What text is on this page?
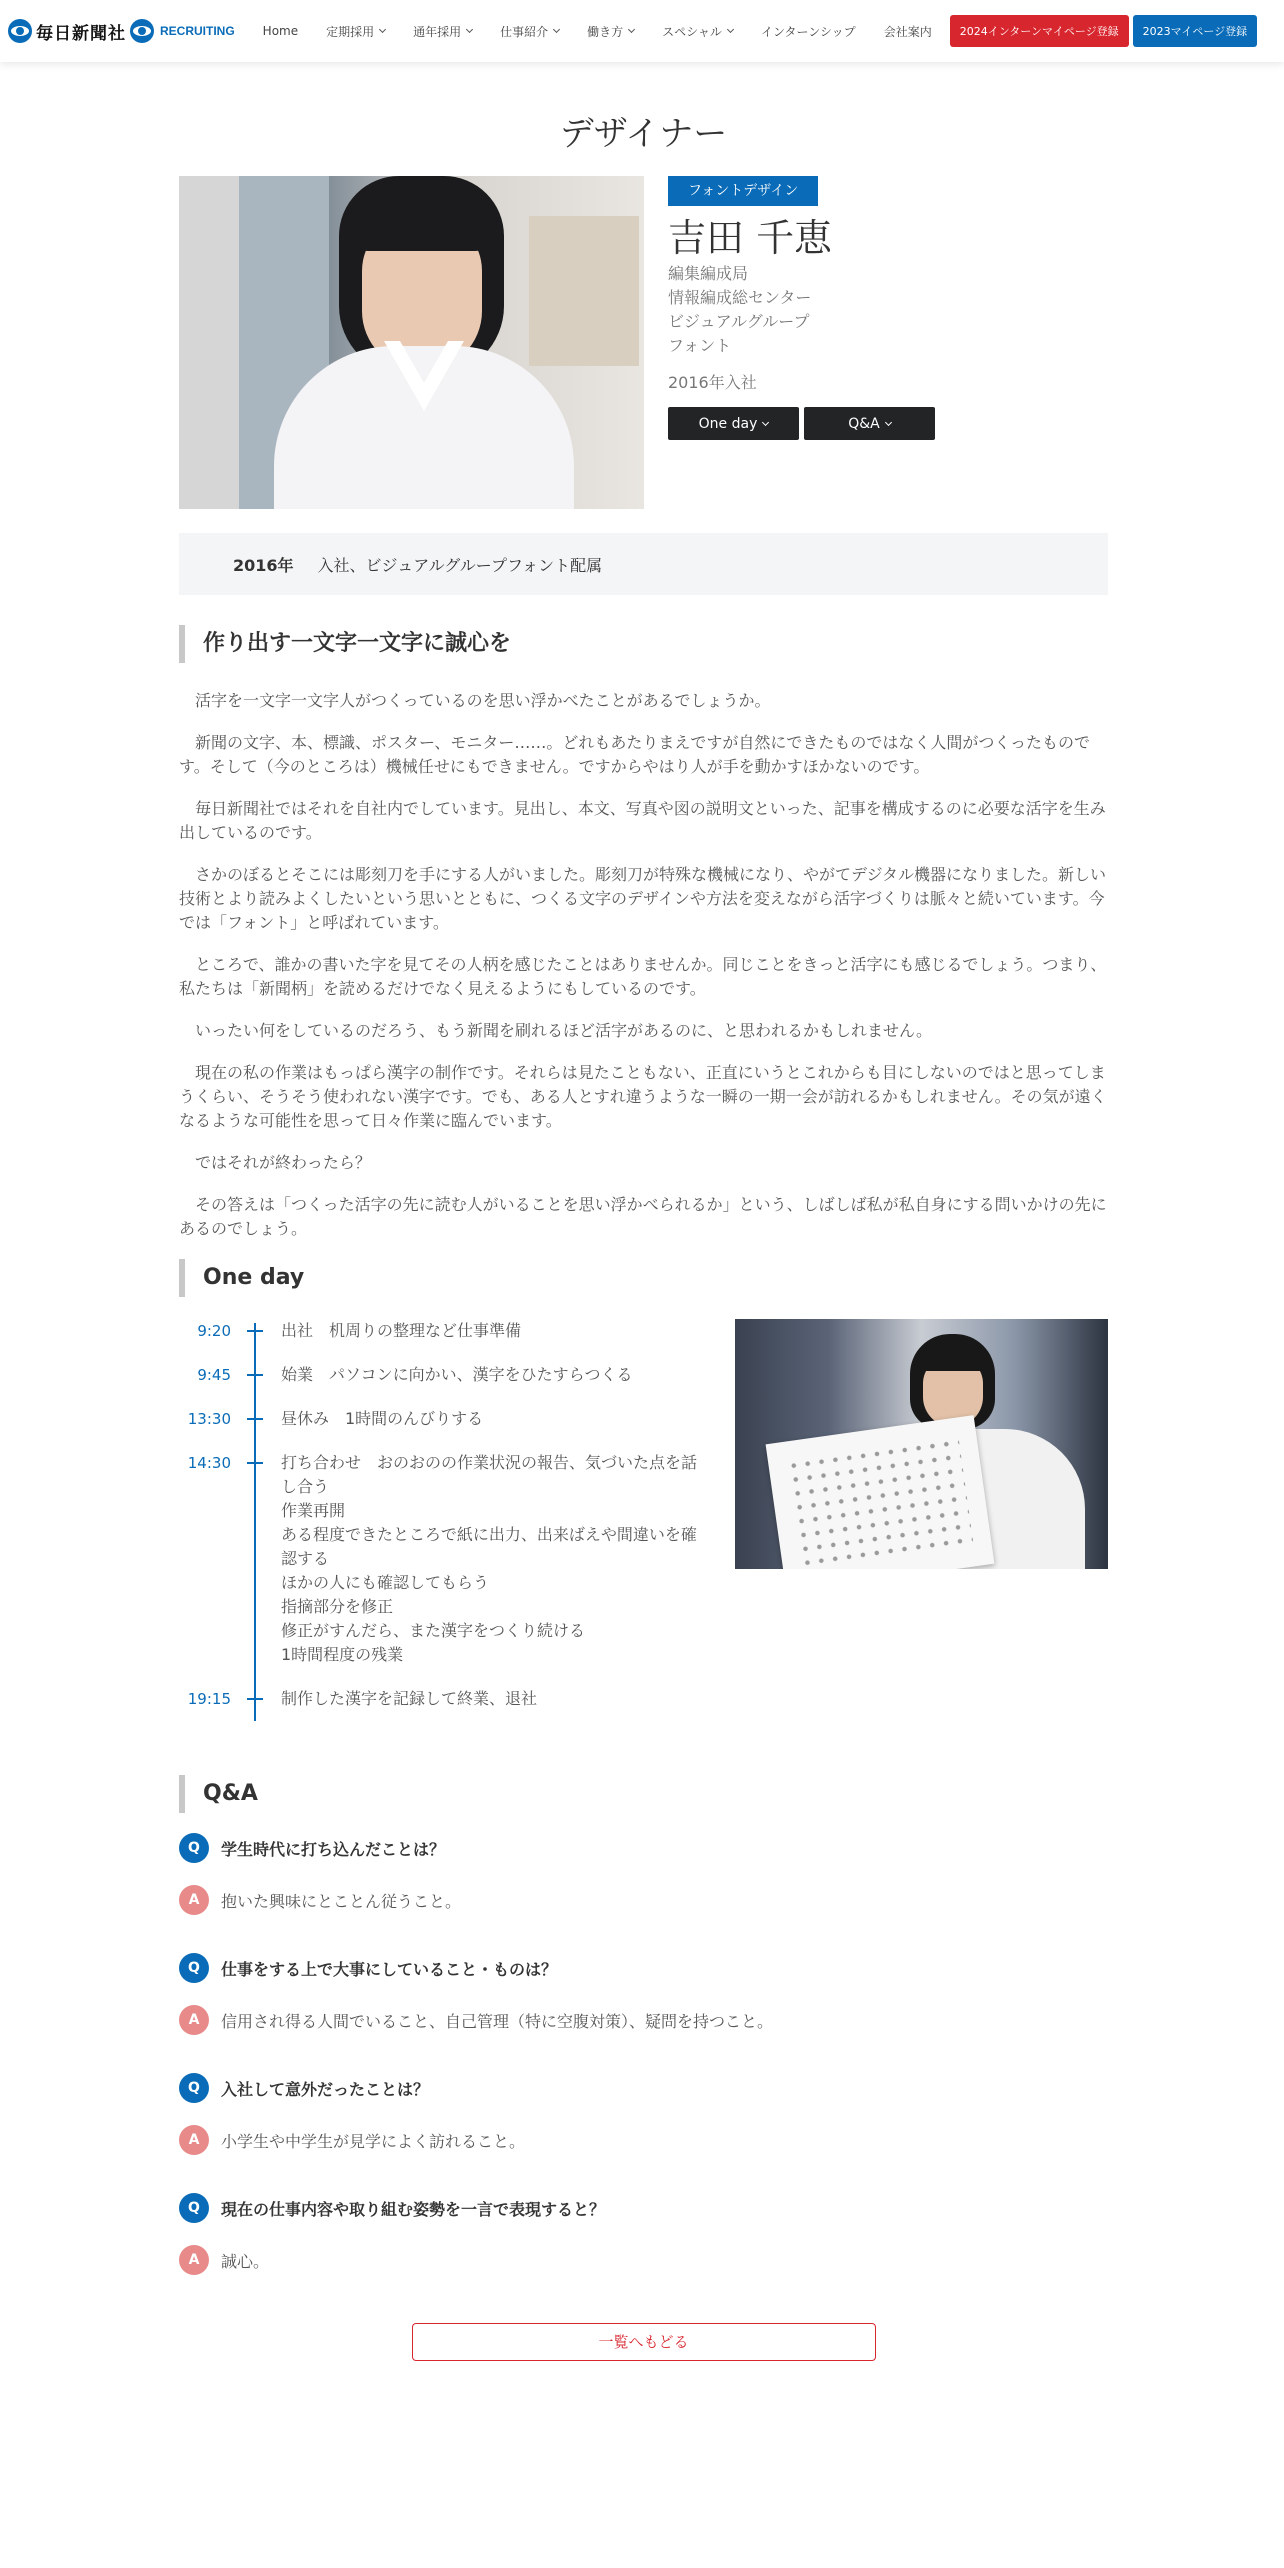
毎日新聞社	RECRUITING Home 定期採用	通年採用	仕事紹介	働き方	スペシャル	インターンシップ 会社案内	2024インターンマイページ登録	2023マイページ登録
デザイナー
フォントデザイン
吉田 千恵
編集編成局
情報編成総センター
ビジュアルグループ
フォント
2016年入社
One day	Q&A
2016年 入社、ビジュアルグループフォント配属
作り出す一文字一文字に誠心を

活字を一文字一文字人がつくっているのを思い浮かべたことがあるでしょうか。

新聞の文字、本、標識、ポスター、モニター……。どれもあたりまえですが自然にできたものではなく人間がつくったものです。そして（今のところは）機械任せにもできません。ですからやはり人が手を動かすほかないのです。

毎日新聞社ではそれを自社内でしています。見出し、本文、写真や図の説明文といった、記事を構成するのに必要な活字を生み出しているのです。

さかのぼるとそこには彫刻刀を手にする人がいました。彫刻刀が特殊な機械になり、やがてデジタル機器になりました。新しい技術とより読みよくしたいという思いとともに、つくる文字のデザインや方法を変えながら活字づくりは脈々と続いています。今では「フォント」と呼ばれています。

ところで、誰かの書いた字を見てその人柄を感じたことはありませんか。同じことをきっと活字にも感じるでしょう。つまり、私たちは「新聞柄」を読めるだけでなく見えるようにもしているのです。

いったい何をしているのだろう、もう新聞を刷れるほど活字があるのに、と思われるかもしれません。

現在の私の作業はもっぱら漢字の制作です。それらは見たこともない、正直にいうとこれからも目にしないのではと思ってしまうくらい、そうそう使われない漢字です。でも、ある人とすれ違うような一瞬の一期一会が訪れるかもしれません。その気が遠くなるような可能性を思って日々作業に臨んでいます。

ではそれが終わったら？

その答えは「つくった活字の先に読む人がいることを思い浮かべられるか」という、しばしば私が私自身にする問いかけの先にあるのでしょう。

One day
9:20	出社　机周りの整理など仕事準備
9:45	始業　パソコンに向かい、漢字をひたすらつくる
13:30	昼休み　1時間のんびりする
14:30	打ち合わせ　おのおのの作業状況の報告、気づいた点を話し合う
作業再開
ある程度できたところで紙に出力、出来ばえや間違いを確認する
ほかの人にも確認してもらう
指摘部分を修正
修正がすんだら、また漢字をつくり続ける
1時間程度の残業
19:15	制作した漢字を記録して終業、退社
Q&A
Q	学生時代に打ち込んだことは？
A	抱いた興味にとことん従うこと。
Q	仕事をする上で大事にしていること・ものは？
A	信用され得る人間でいること、自己管理（特に空腹対策）、疑問を持つこと。
Q	入社して意外だったことは？
A	小学生や中学生が見学によく訪れること。
Q	現在の仕事内容や取り組む姿勢を一言で表現すると？
A	誠心。
一覧へもどる
